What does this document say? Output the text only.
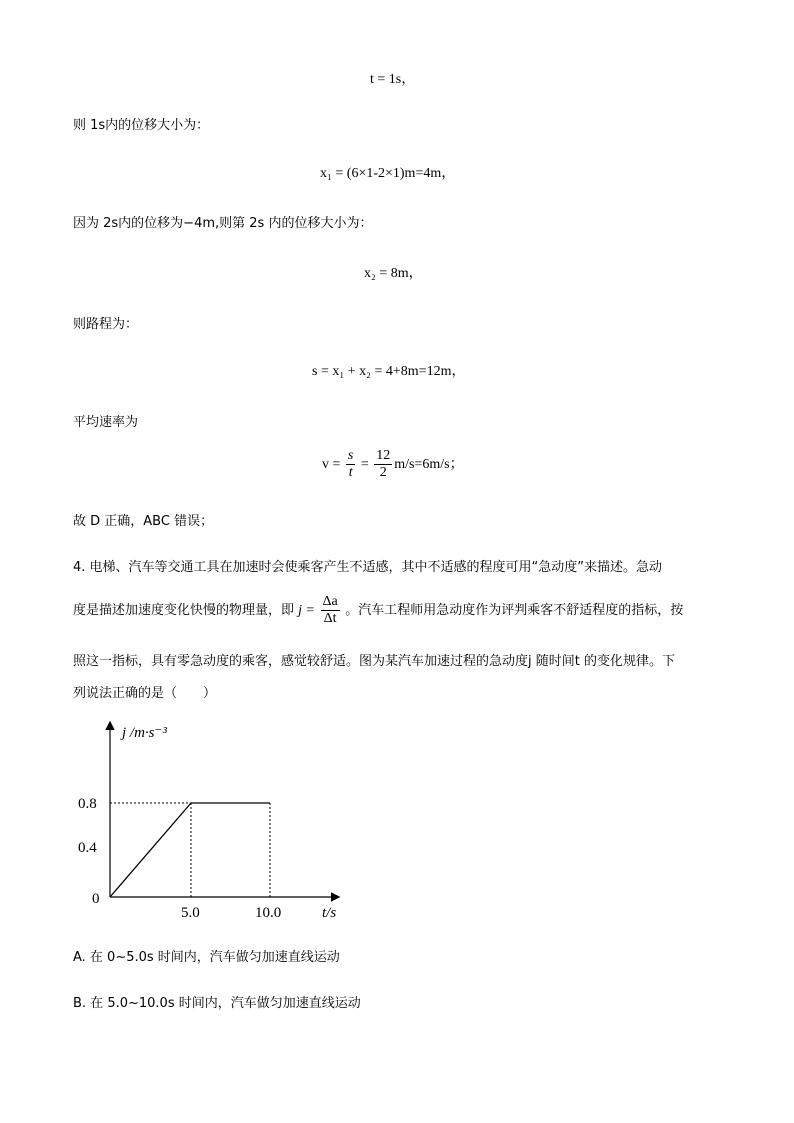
t = 1s，
则 1s内的位移大小为：
x₁ = (6×1-2×1)m=4m，
因为 2s内的位移为−4m,则第 2s 内的位移大小为：
x₂ = 8m，
则路程为：
s = x₁ + x₂ = 4+8m=12m，
平均速率为
$v = \frac{s}{t} = \frac{12}{2} m/s=6m/s$；
故 D 正确，ABC 错误；
4. 电梯、汽车等交通工具在加速时会使乘客产生不适感，其中不适感的程度可用“急动度”来描述。急动
度是描述加速度变化快慢的物理量，即 $j = \frac{\Delta a}{\Delta t}$ 。汽车工程师用急动度作为评判乘客不舒适程度的指标，按
照这一指标，具有零急动度的乘客，感觉较舒适。图为某汽车加速过程的急动度j 随时间t 的变化规律。下
列说法正确的是（　　）
j /m·s⁻³
t/s
0.8
0.4
0
5.0	10.0
A. 在 0~5.0s 时间内，汽车做匀加速直线运动
B. 在 5.0~10.0s 时间内，汽车做匀加速直线运动
